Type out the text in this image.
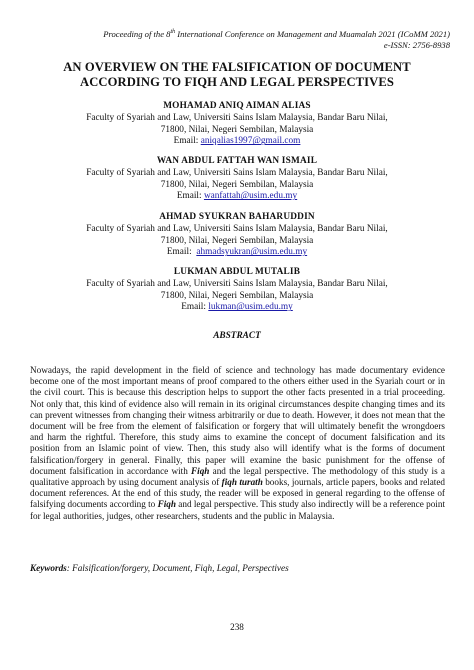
Proceeding of the 8th International Conference on Management and Muamalah 2021 (ICoMM 2021)
e-ISSN: 2756-8938
AN OVERVIEW ON THE FALSIFICATION OF DOCUMENT
ACCORDING TO FIQH AND LEGAL PERSPECTIVES
MOHAMAD ANIQ AIMAN ALIAS
Faculty of Syariah and Law, Universiti Sains Islam Malaysia, Bandar Baru Nilai,
71800, Nilai, Negeri Sembilan, Malaysia
Email: aniqalias1997@gmail.com
WAN ABDUL FATTAH WAN ISMAIL
Faculty of Syariah and Law, Universiti Sains Islam Malaysia, Bandar Baru Nilai,
71800, Nilai, Negeri Sembilan, Malaysia
Email: wanfattah@usim.edu.my
AHMAD SYUKRAN BAHARUDDIN
Faculty of Syariah and Law, Universiti Sains Islam Malaysia, Bandar Baru Nilai,
71800, Nilai, Negeri Sembilan, Malaysia
Email:  ahmadsyukran@usim.edu.my
LUKMAN ABDUL MUTALIB
Faculty of Syariah and Law, Universiti Sains Islam Malaysia, Bandar Baru Nilai,
71800, Nilai, Negeri Sembilan, Malaysia
Email: lukman@usim.edu.my
ABSTRACT
Nowadays, the rapid development in the field of science and technology has made documentary evidence become one of the most important means of proof compared to the others either used in the Syariah court or in the civil court. This is because this description helps to support the other facts presented in a trial proceeding. Not only that, this kind of evidence also will remain in its original circumstances despite changing times and its can prevent witnesses from changing their witness arbitrarily or due to death. However, it does not mean that the document will be free from the element of falsification or forgery that will ultimately benefit the wrongdoers and harm the rightful. Therefore, this study aims to examine the concept of document falsification and its position from an Islamic point of view. Then, this study also will identify what is the forms of document falsification/forgery in general. Finally, this paper will examine the basic punishment for the offense of document falsification in accordance with Fiqh and the legal perspective. The methodology of this study is a qualitative approach by using document analysis of fiqh turath books, journals, article papers, books and related document references. At the end of this study, the reader will be exposed in general regarding to the offense of falsifying documents according to Fiqh and legal perspective. This study also indirectly will be a reference point for legal authorities, judges, other researchers, students and the public in Malaysia.
Keywords: Falsification/forgery, Document, Fiqh, Legal, Perspectives
238
